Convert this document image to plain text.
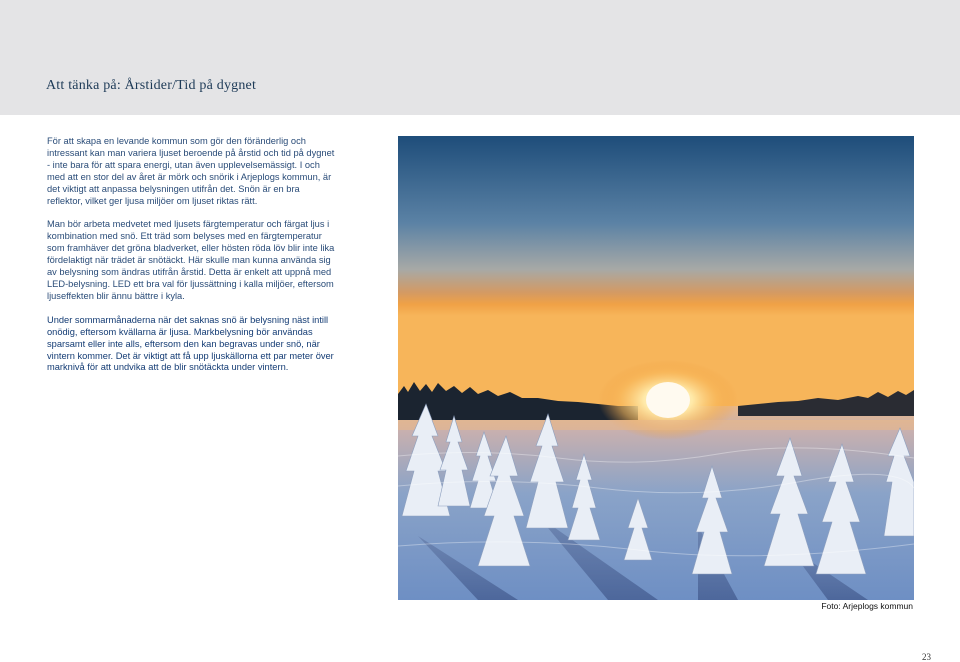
Att tänka på: Årstider/Tid på dygnet

För att skapa en levande kommun som gör den föränderlig och intressant kan man variera ljuset beroende på årstid och tid på dygnet - inte bara för att spara energi, utan även upplevelsemässigt. I och med att en stor del av året är mörk och snörik i Arjeplogs kommun, är det viktigt att anpassa belysningen utifrån det. Snön är en bra reflektor, vilket ger ljusa miljöer om ljuset riktas rätt.

Man bör arbeta medvetet med ljusets färgtemperatur och färgat ljus i kombination med snö. Ett träd som belyses med en färgtemperatur som framhäver det gröna bladverket, eller hösten röda löv blir inte lika fördelaktigt när trädet är snötäckt. Här skulle man kunna använda sig av belysning som ändras utifrån årstid. Detta är enkelt att uppnå med LED-belysning. LED ett bra val för ljussättning i kalla miljöer, eftersom ljuseffekten blir ännu bättre i kyla.

Under sommarmånaderna när det saknas snö är belysning näst intill onödig, eftersom kvällarna är ljusa. Markbelysning bör användas sparsamt eller inte alls, eftersom den kan begravas under snö, när vintern kommer. Det är viktigt att få upp ljuskällorna ett par meter över marknivå för att undvika att de blir snötäckta under vintern.

Foto: Arjeplogs kommun
23
